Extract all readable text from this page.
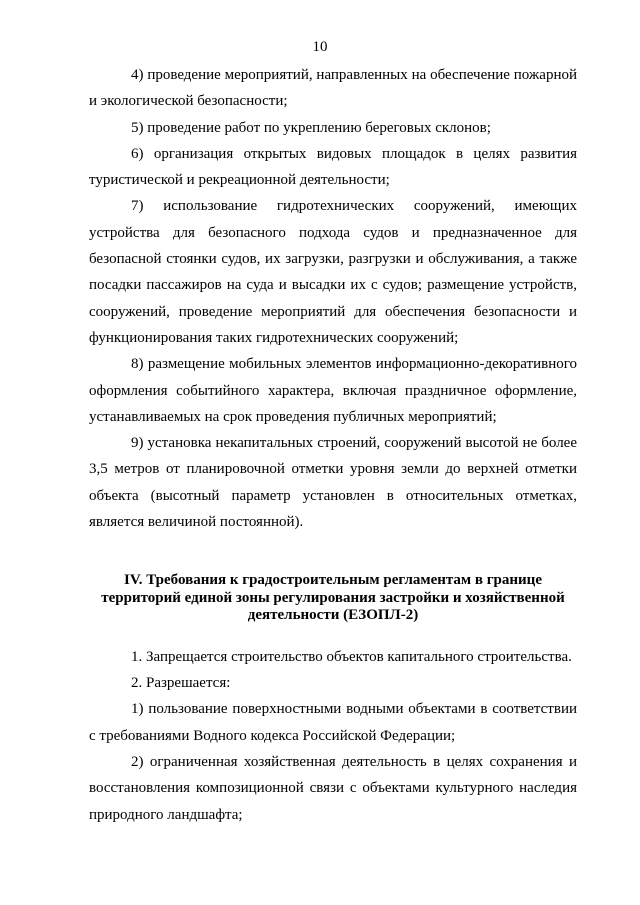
10

4) проведение мероприятий, направленных на обеспечение пожарной и экологической безопасности;

5) проведение работ по укреплению береговых склонов;

6) организация открытых видовых площадок в целях развития туристической и рекреационной деятельности;

7) использование гидротехнических сооружений, имеющих устройства для безопасного подхода судов и предназначенное для безопасной стоянки судов, их загрузки, разгрузки и обслуживания, а также посадки пассажиров на суда и высадки их с судов; размещение устройств, сооружений, проведение мероприятий для обеспечения безопасности и функционирования таких гидротехнических сооружений;

8) размещение мобильных элементов информационно-декоративного оформления событийного характера, включая праздничное оформление, устанавливаемых на срок проведения публичных мероприятий;

9) установка некапитальных строений, сооружений высотой не более 3,5 метров от планировочной отметки уровня земли до верхней отметки объекта (высотный параметр установлен в относительных отметках, является величиной постоянной).

IV. Требования к градостроительным регламентам в границе
территорий единой зоны регулирования застройки и хозяйственной
деятельности (ЕЗОПЛ-2)

1. Запрещается строительство объектов капитального строительства.

2. Разрешается:

1) пользование поверхностными водными объектами в соответствии с требованиями Водного кодекса Российской Федерации;

2) ограниченная хозяйственная деятельность в целях сохранения и восстановления композиционной связи с объектами культурного наследия природного ландшафта;
